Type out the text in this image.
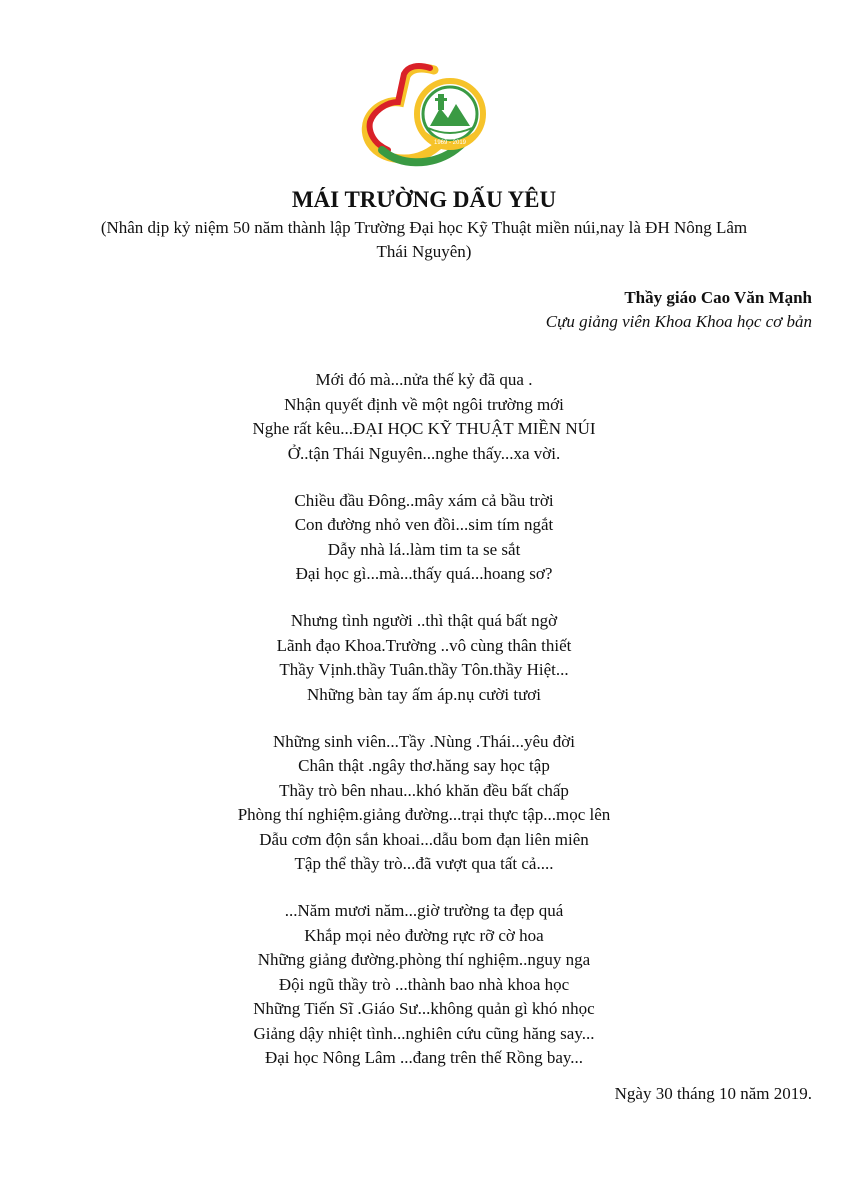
1969 - 2019
MÁI TRƯỜNG DẤU YÊU
(Nhân dịp kỷ niệm 50 năm thành lập Trường Đại học Kỹ Thuật miền núi,nay là ĐH Nông Lâm
Thái Nguyên)
Thầy giáo Cao Văn Mạnh
Cựu giảng viên Khoa Khoa học cơ bản
Mới đó mà...nửa thế kỷ đã qua .
Nhận quyết định về một ngôi trường mới
Nghe rất kêu...ĐẠI HỌC KỸ THUẬT MIỀN NÚI
Ở..tận Thái Nguyên...nghe thấy...xa vời.
Chiều đầu Đông..mây xám cả bầu trời
Con đường nhỏ ven đồi...sim tím ngắt
Dẫy nhà lá..làm tim ta se sắt
Đại học gì...mà...thấy quá...hoang sơ?
Nhưng tình người ..thì thật quá bất ngờ
Lãnh đạo Khoa.Trường ..vô cùng thân thiết
Thầy Vịnh.thầy Tuân.thầy Tôn.thầy Hiệt...
Những bàn tay ấm áp.nụ cười tươi
Những sinh viên...Tầy .Nùng .Thái...yêu đời
Chân thật .ngây thơ.hăng say học tập
Thầy trò bên nhau...khó khăn đều bất chấp
Phòng thí nghiệm.giảng đường...trại thực tập...mọc lên
Dẫu cơm độn sắn khoai...dẫu bom đạn liên miên
Tập thể thầy trò...đã vượt qua tất cả....
...Năm mươi năm...giờ trường ta đẹp quá
Khắp mọi nẻo đường rực rỡ cờ hoa
Những giảng đường.phòng thí nghiệm..nguy nga
Đội ngũ thầy trò ...thành bao nhà khoa học
Những Tiến Sĩ .Giáo Sư...không quản gì khó nhọc
Giảng dậy nhiệt tình...nghiên cứu cũng hăng say...
Đại học Nông Lâm ...đang trên thế Rồng bay...
Ngày 30 tháng 10 năm 2019.
